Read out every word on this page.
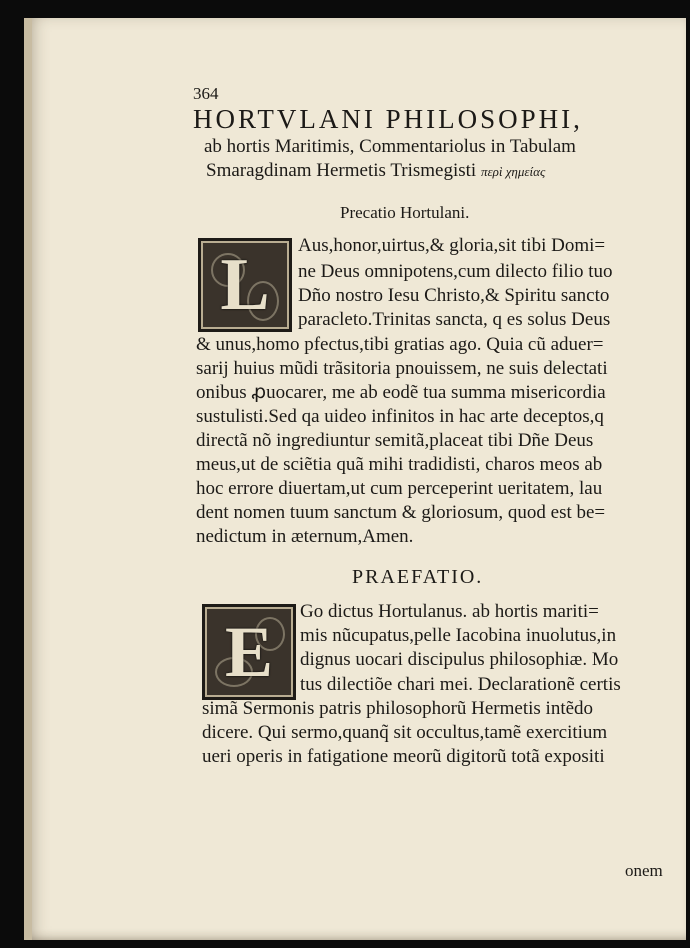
364
HORTVLANI PHILOSOPHI,
ab hortis Maritimis, Commentariolus in Tabulam
Smaragdinam Hermetis Trismegisti περὶ χημείας
Precatio Hortulani.
L	Aus,honor,uirtus,& gloria,sit tibi Domi=
ne Deus omnipotens,cum dilecto filio tuo
Dño nostro Iesu Christo,& Spiritu sancto
paracleto.Trinitas sancta, q es solus Deus
& unus,homo pfectus,tibi gratias ago. Quia cũ aduer=
sarij huius mũdi trãsitoria pnouissem, ne suis delectati
onibus ꝓuocarer, me ab eodẽ tua summa misericordia
sustulisti.Sed qa uideo infinitos in hac arte deceptos,q
directã nõ ingrediuntur semitã,placeat tibi Dñe Deus
meus,ut de sciẽtia quã mihi tradidisti, charos meos ab
hoc errore diuertam,ut cum perceperint ueritatem, lau
dent nomen tuum sanctum & gloriosum, quod est be=
nedictum in æternum,Amen.
PRAEFATIO.
E	Go dictus Hortulanus. ab hortis mariti=
mis nũcupatus,pelle Iacobina inuolutus,in
dignus uocari discipulus philosophiæ. Mo
tus dilectiõe chari mei. Declarationẽ certis
simã Sermonis patris philosophorũ Hermetis intẽdo
dicere. Qui sermo,quanq̃ sit occultus,tamẽ exercitium
ueri operis in fatigatione meorũ digitorũ totã expositi
onem
